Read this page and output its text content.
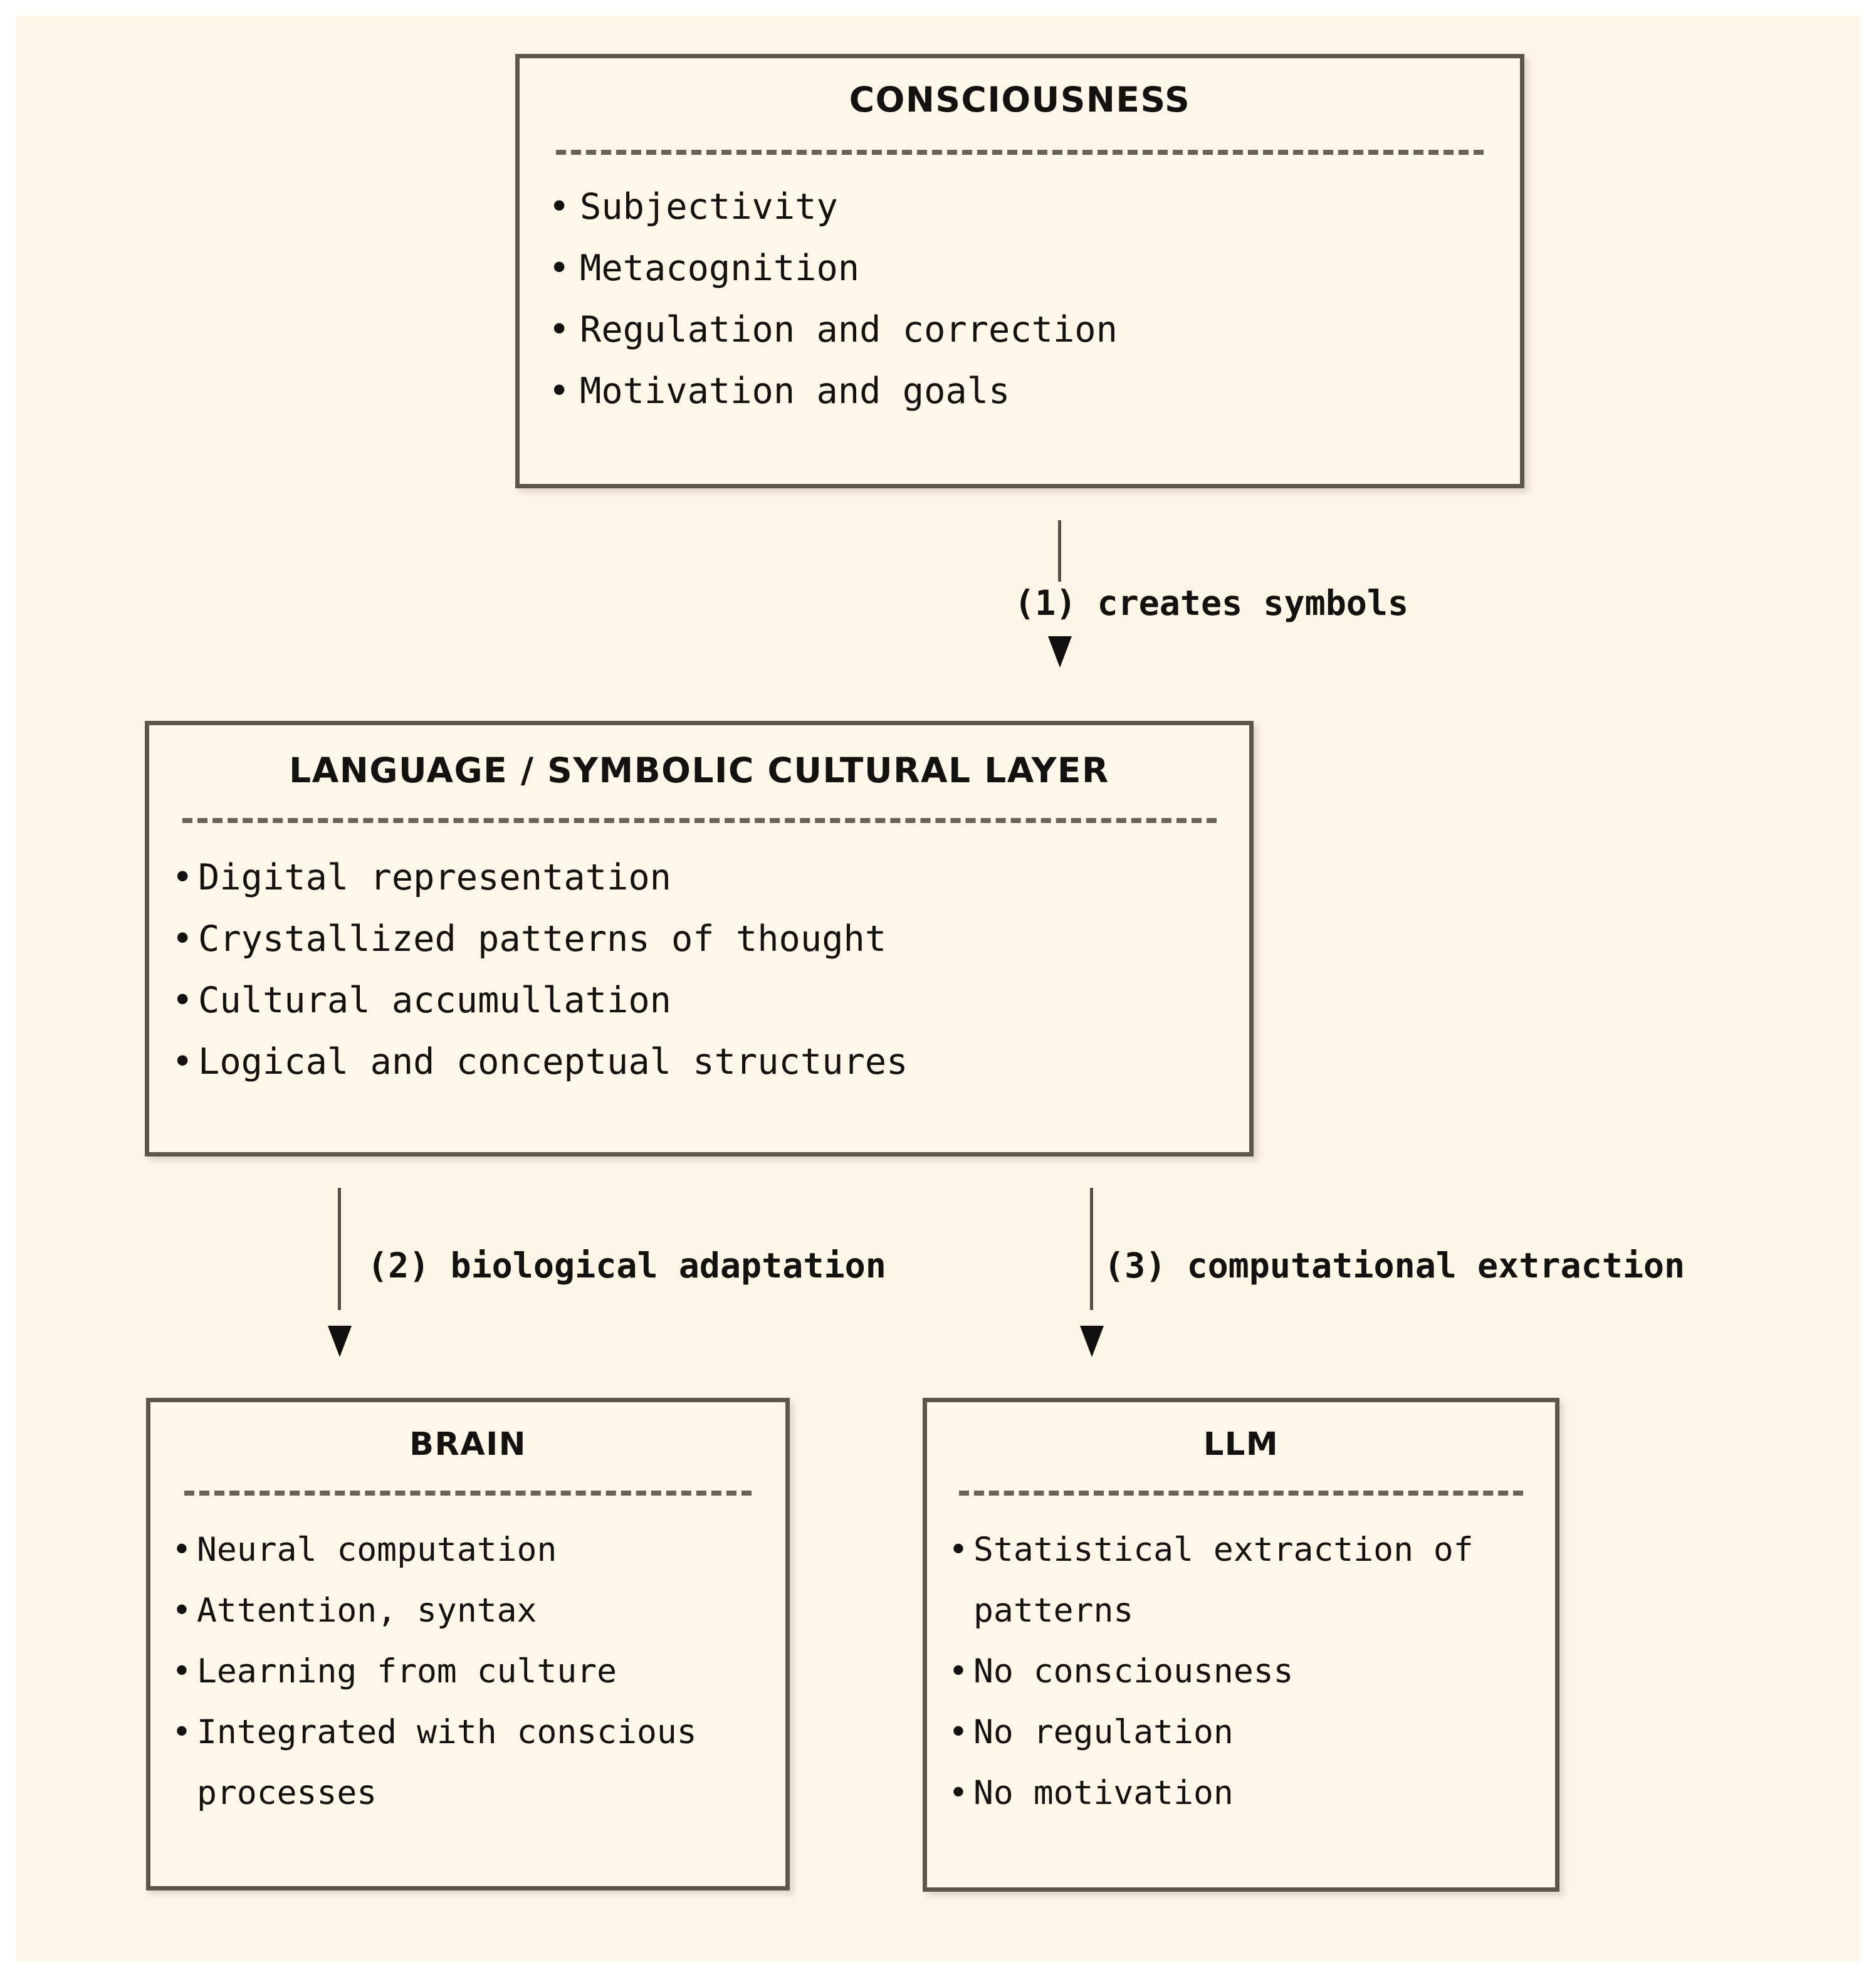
CONSCIOUSNESS
• Subjectivity
• Metacognition
• Regulation and correction
• Motivation and goals
(1) creates symbols
LANGUAGE / SYMBOLIC CULTURAL LAYER
• Digital representation
• Crystallized patterns of thought
• Cultural accumullation
• Logical and conceptual structures
(2) biological adaptation	(3) computational extraction
BRAIN
• Neural computation
• Attention, syntax
• Learning from culture
• Integrated with conscious processes
LLM
• Statistical extraction of patterns
• No consciousness
• No regulation
• No motivation
